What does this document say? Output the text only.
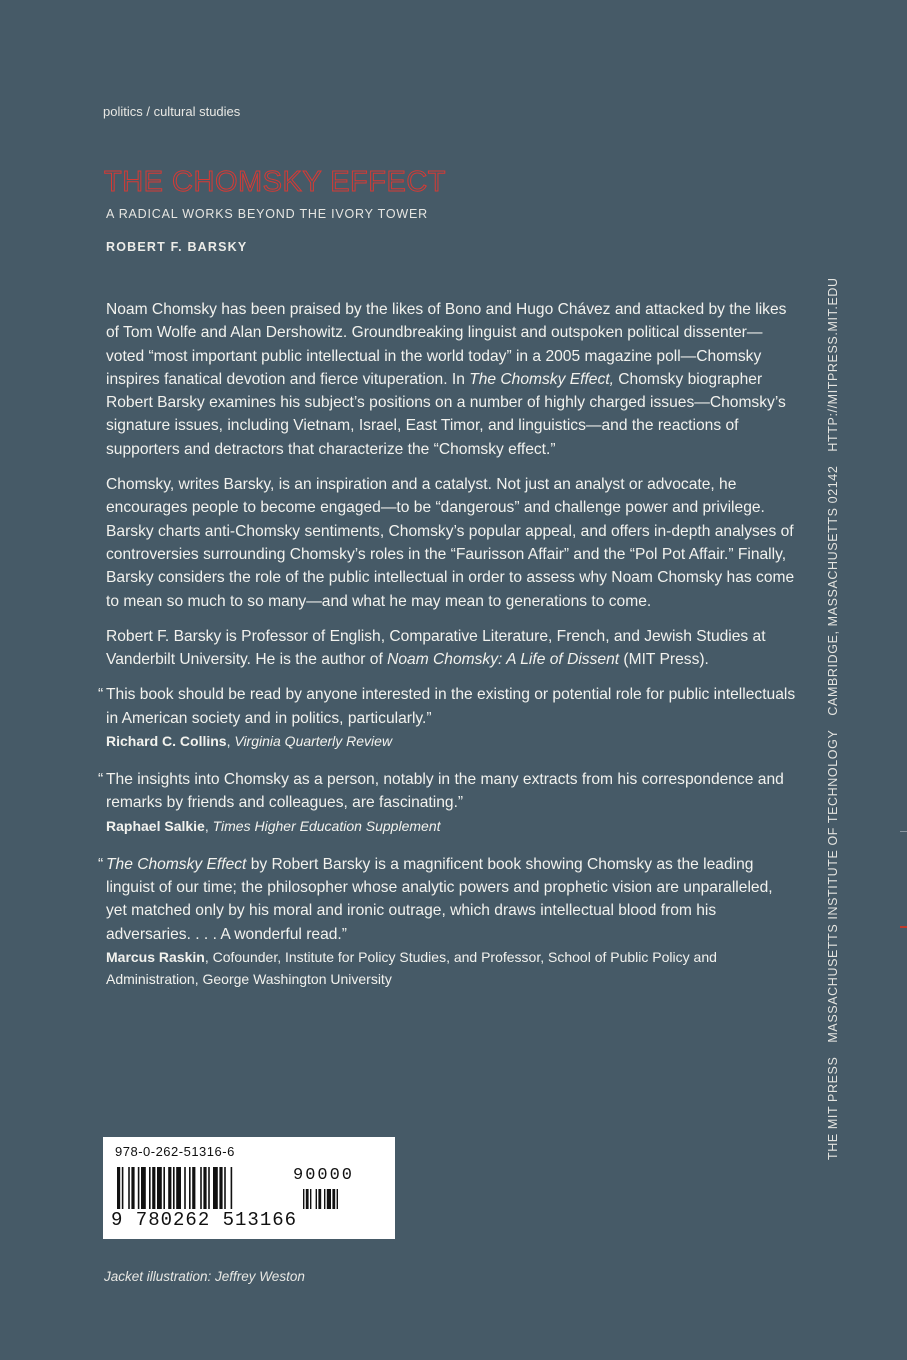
politics / cultural studies
THE CHOMSKY EFFECT
A RADICAL WORKS BEYOND THE IVORY TOWER
ROBERT F. BARSKY

Noam Chomsky has been praised by the likes of Bono and Hugo Chávez and attacked by the likes of Tom Wolfe and Alan Dershowitz. Groundbreaking linguist and outspoken political dissenter—voted “most important public intellectual in the world today” in a 2005 magazine poll—Chomsky inspires fanatical devotion and fierce vituperation. In The Chomsky Effect, Chomsky biographer Robert Barsky examines his subject’s positions on a number of highly charged issues—Chomsky’s signature issues, including Vietnam, Israel, East Timor, and linguistics—and the reactions of supporters and detractors that characterize the “Chomsky effect.”

Chomsky, writes Barsky, is an inspiration and a catalyst. Not just an analyst or advocate, he encourages people to become engaged—to be “dangerous” and challenge power and privilege. Barsky charts anti-Chomsky sentiments, Chomsky’s popular appeal, and offers in-depth analyses of controversies surrounding Chomsky’s roles in the “Faurisson Affair” and the “Pol Pot Affair.” Finally, Barsky considers the role of the public intellectual in order to assess why Noam Chomsky has come to mean so much to so many—and what he may mean to generations to come.

Robert F. Barsky is Professor of English, Comparative Literature, French, and Jewish Studies at Vanderbilt University. He is the author of Noam Chomsky: A Life of Dissent (MIT Press).

“ This book should be read by anyone interested in the existing or potential role for public intellectuals in American society and in politics, particularly.”

Richard C. Collins, Virginia Quarterly Review

“ The insights into Chomsky as a person, notably in the many extracts from his correspondence and remarks by friends and colleagues, are fascinating.”

Raphael Salkie, Times Higher Education Supplement

“ The Chomsky Effect by Robert Barsky is a magnificent book showing Chomsky as the leading linguist of our time; the philosopher whose analytic powers and prophetic vision are unparalleled, yet matched only by his moral and ironic outrage, which draws intellectual blood from his adversaries. . . . A wonderful read.”

Marcus Raskin, Cofounder, Institute for Policy Studies, and Professor, School of Public Policy and Administration, George Washington University

THE MIT PRESSMASSACHUSETTS INSTITUTE OF TECHNOLOGYCAMBRIDGE, MASSACHUSETTS 02142HTTP://MITPRESS.MIT.EDU
978-0-262-51316-6
90000
9 780262 513166
Jacket illustration: Jeffrey Weston
